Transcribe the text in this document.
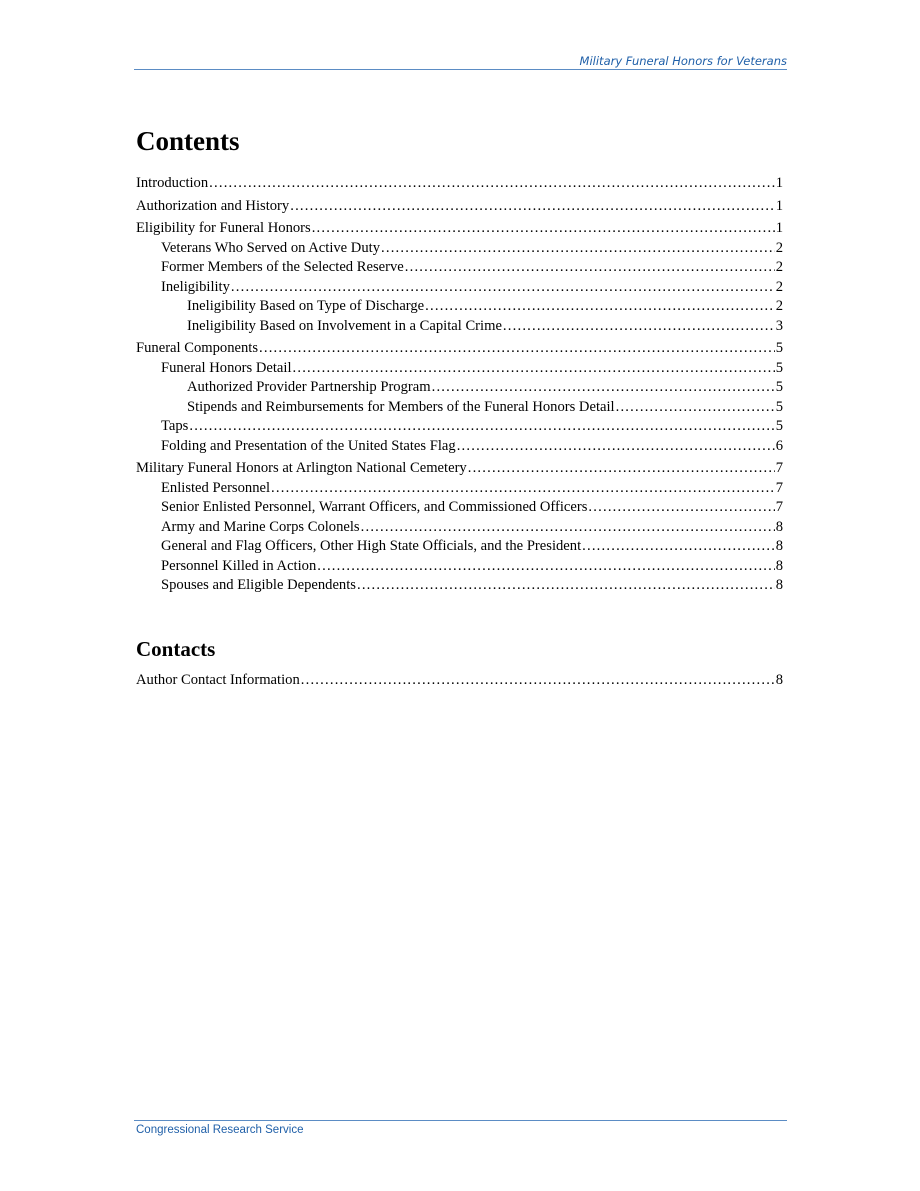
Military Funeral Honors for Veterans
Contents
Introduction .....	1
Authorization and History .....	1
Eligibility for Funeral Honors .....	1
Veterans Who Served on Active Duty .....	2
Former Members of the Selected Reserve .....	2
Ineligibility .....	2
Ineligibility Based on Type of Discharge .....	2
Ineligibility Based on Involvement in a Capital Crime .....	3
Funeral Components .....	5
Funeral Honors Detail .....	5
Authorized Provider Partnership Program .....	5
Stipends and Reimbursements for Members of the Funeral Honors Detail .....	5
Taps .....	5
Folding and Presentation of the United States Flag .....	6
Military Funeral Honors at Arlington National Cemetery .....	7
Enlisted Personnel .....	7
Senior Enlisted Personnel, Warrant Officers, and Commissioned Officers .....	7
Army and Marine Corps Colonels .....	8
General and Flag Officers, Other High State Officials, and the President .....	8
Personnel Killed in Action .....	8
Spouses and Eligible Dependents .....	8
Contacts
Author Contact Information .....	8
Congressional Research Service
